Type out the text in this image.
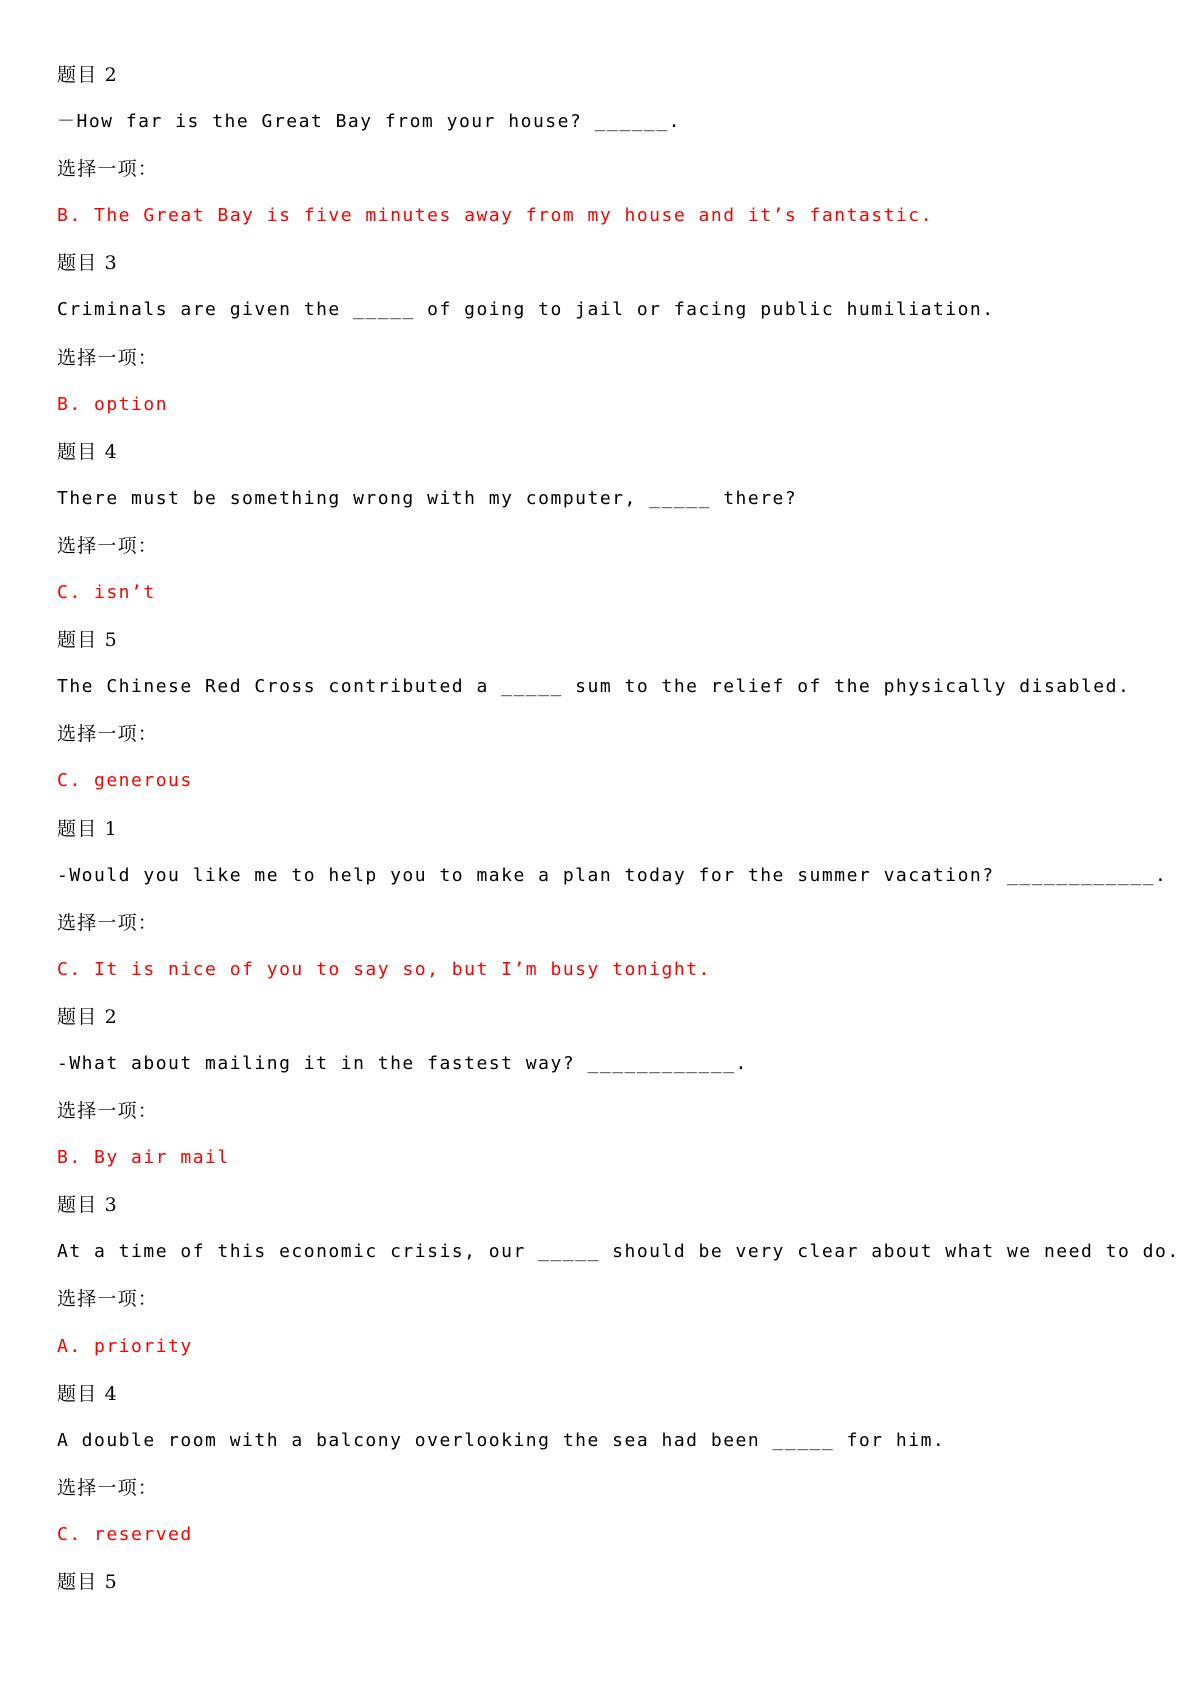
题目 2
－How far is the Great Bay from your house? ______.
选择一项：
B. The Great Bay is five minutes away from my house and it’s fantastic.
题目 3
Criminals are given the _____ of going to jail or facing public humiliation.
选择一项：
B. option
题目 4
There must be something wrong with my computer, _____ there?
选择一项：
C. isn’t
题目 5
The Chinese Red Cross contributed a _____ sum to the relief of the physically disabled.
选择一项：
C. generous
题目 1
-Would you like me to help you to make a plan today for the summer vacation? ____________.
选择一项：
C. It is nice of you to say so, but I’m busy tonight.
题目 2
-What about mailing it in the fastest way? ____________.
选择一项：
B. By air mail
题目 3
At a time of this economic crisis, our _____ should be very clear about what we need to do.
选择一项：
A. priority
题目 4
A double room with a balcony overlooking the sea had been _____ for him.
选择一项：
C. reserved
题目 5
